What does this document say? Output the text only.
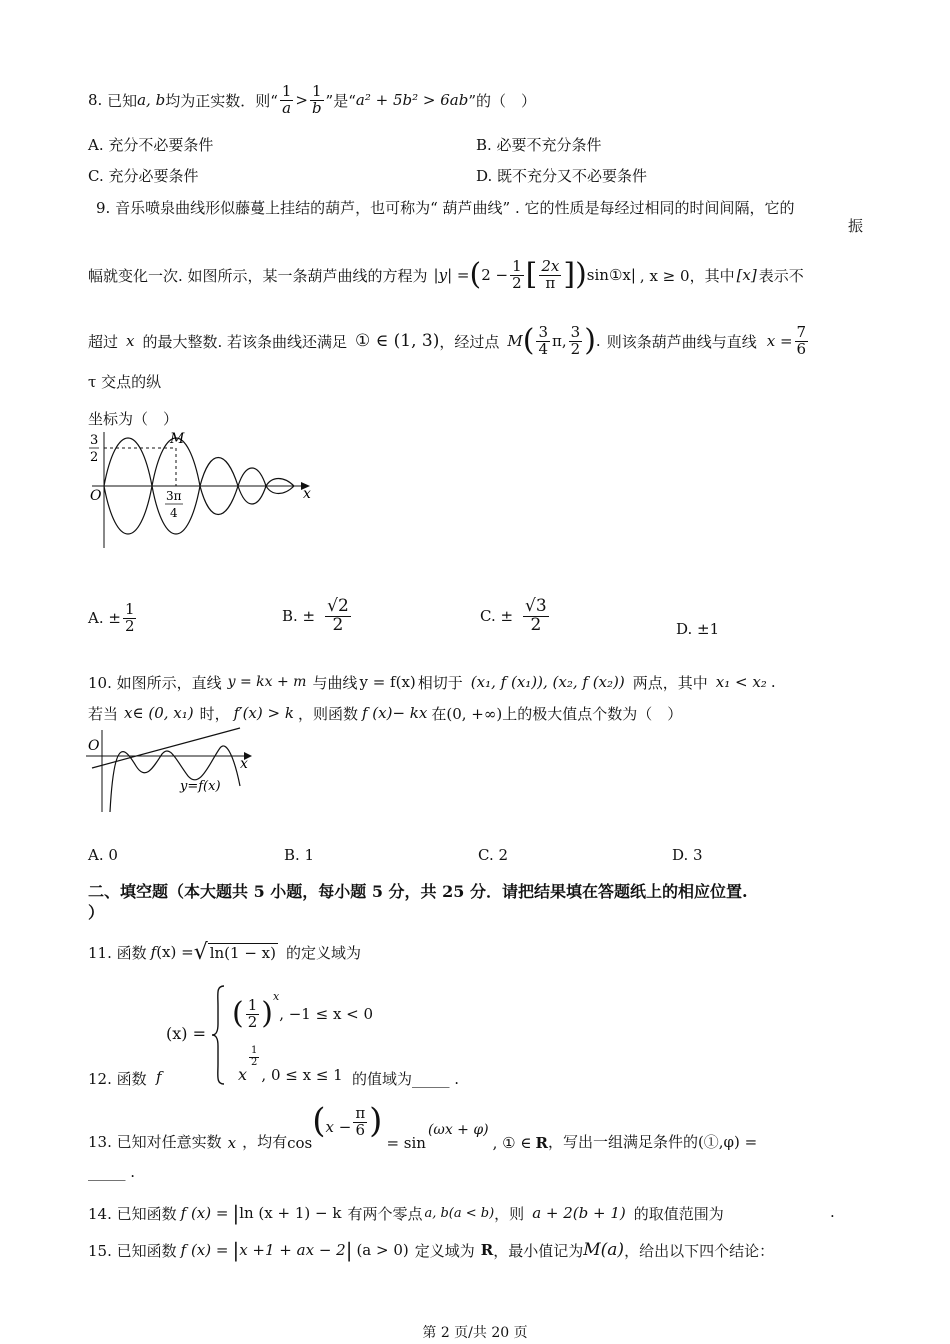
8.
已知 a, b 均为正实数．则“ $\frac{1}{a} > \frac{1}{b}$ ”是“ a² + 5b² > 6ab ”的（　）
A. 充分不必要条件	B. 必要不充分条件
C. 充分必要条件	D. 既不充分又不必要条件
9. 音乐喷泉曲线形似藤蔓上挂结的葫芦，也可称为“ 葫芦曲线” . 它的性质是每经过相同的时间间隔，它的
振
幅就变化一次. 如图所示，某一条葫芦曲线的方程为 |y| = ( $2 - \frac{1}{2}$ [ $\frac{2x}{\pi}$ ] ) sin①x| , x ≥ 0，其中 [x] 表示不
超过 x 的最大整数. 若该条曲线还满足 ① ∈ (1, 3) ，经过点 M ( $\frac{3}{4} \pi$, $\frac{3}{2}$ ) . 则该条葫芦曲线与直线 $x = \frac{7}{6}$
τ 交点的纵
坐标为（　）
3
2
M
O	x
3π
4
A. ± $\frac{1}{2}$	B. ± $\frac{√2}{2}$	C. ± $\frac{√3}{2}$	D. ±1
10. 如图所示，直线 y = kx + m 与曲线 y = f(x) 相切于 (x₁, f (x₁)), (x₂, f (x₂)) 两点，其中 x₁ < x₂ .
若当 x∈ (0, x₁) 时， f′(x) > k ，则函数 f (x)− kx 在(0, +∞)上的极大值点个数为（　）
O
x
y=f(x)
A. 0	B. 1	C. 2	D. 3
二、填空题（本大题共 5 小题，每小题 5 分，共 25 分．请把结果填在答题纸上的相应位置.
）
11. 函数 f (x) = √ ln(1 − x) 的定义域为
12. 函数 f
(x) =
( $\frac{1}{2} )^x$
, −1 ≤ x < 0
x
$\frac{1}{2}$
, 0 ≤ x ≤ 1 的值域为_____ .
13. 已知对任意实数 x ，均有 cos
( $x - \frac{\pi}{6}$ )
= sin
(ωx + φ)
, ① ∈ R ，写出一组满足条件的(①,φ) =
_____ .
14. 已知函数 f (x) = | ln (x + 1) − k 有两个零点 a, b(a < b) ，则 a + 2(b + 1) 的取值范围为	.
15. 已知函数 f (x) = | x +1 + ax − 2 | (a > 0) 定义域为 R ，最小值记为 M(a) ，给出以下四个结论：
第 2 页/共 20 页
